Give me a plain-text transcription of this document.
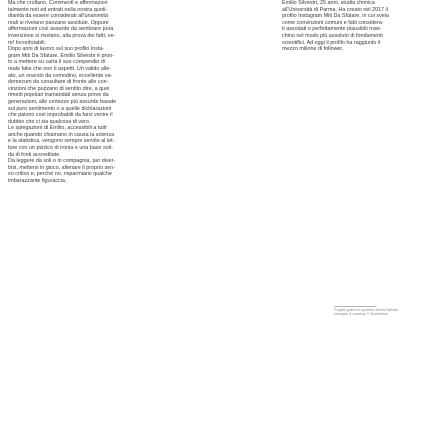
Ma che crollano. Commentl e affermazion
talmente noti ed entrati nella nostra quoti-
dianità da essere considerati all'unanimità
reali si rivelano panzane assolute. Oppure
affermazioni così assurde da sembrare pura
invenzione si rivelano, alla prova dei fatti, ve-
re! Inconfutabili.
Dopo anni di lavoro sul suo profilo Insta-
gram Miti Da Sfatare, Emilio Silvestri è pron-
to a mettere su carta il suo compendio di
reale fake che non ti aspetti. Un valido alle-
ato, un oracolo da comodino, eccellente va-
demecum da consultare di fronte alle con-
vinzioni che puzzano di sentito dire, a quei
rimedi popolari tramandati senza prove da
generazioni, alle certezze più assurde basate
sul puro sentimento o a quelle dichiarazioni
che paiono così improbabili da farci venire il
dubbio che ci sia qualcosa di vero.
Le spiegazioni di Emilio, accessibili a tutti
anche quando chiamano in causa la scienza
e la statistica, vengono sempre servite al let-
tore con un pizzico di ironia e una base soli-
da di fonti accreditate.
Da leggere da soli o in compagnia, per diver-
tirsi, mettersi in gioco, allenare il proprio sen-
so critico e, perché no, risparmiarsi qualche
imbarazzante figuraccia.
Emilio Silvestri, 25 anni, studia chimica
all'Università di Parma. Ha creato nel 2017 il
profilo Instagram Miti Da Sfatare, in cui svela
come convinzioni comuni e fatti considera-
ti assodati o perfettamente plausibili man-
chino nel modo più assoluto di fondamenti
scientifici. Ad oggi il profilo ha raggiunto il
mezzo milione di follower.
Progetto grafico di copertina: Alberto Bertolini
Immagine di copertina: © Shutterstock
